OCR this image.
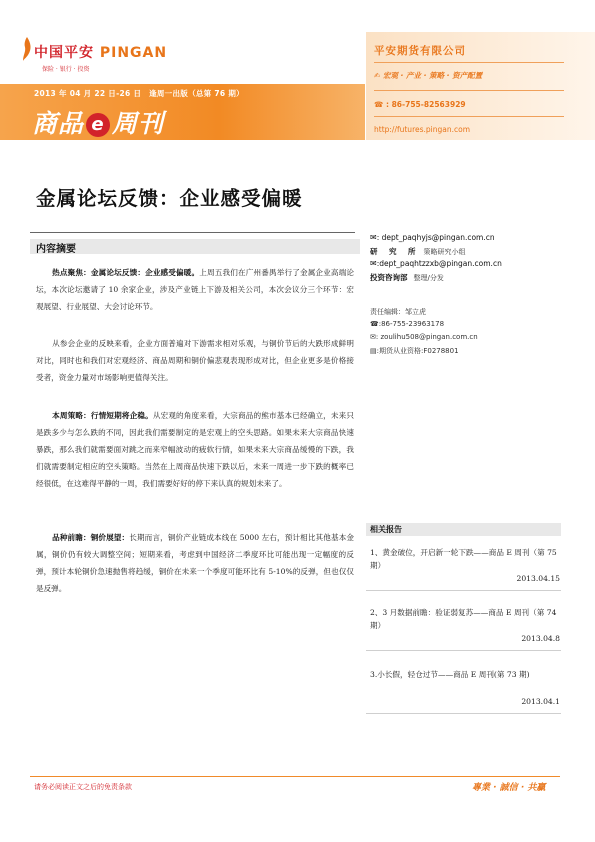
中国平安 PINGAN
保险 · 银行 · 投资
2013 年 04 月 22 日-26 日　逢周一出版（总第 76 期）
商品 e 周刊
平安期货有限公司
✍ 宏观 · 产业 · 策略 · 资产配置
☎ : 86-755-82563929
http://futures.pingan.com
金属论坛反馈：企业感受偏暖
内容摘要
热点聚焦：金属论坛反馈：企业感受偏暖。上周五我们在广州番禺举行了金属企业高端论坛，本次论坛邀请了 10 余家企业，涉及产业链上下游及相关公司，本次会议分三个环节：宏观展望、行业展望、大会讨论环节。
从参会企业的反映来看，企业方面普遍对下游需求相对乐观，与铜价节后的大跌形成鲜明对比，同时也和我们对宏观经济、商品周期和铜价偏悲观表现形成对比，但企业更多是价格接受者，资金力量对市场影响更值得关注。
本周策略：行情短期将企稳。从宏观的角度来看，大宗商品的熊市基本已经确立，未来只是跌多少与怎么跌的不同，因此我们需要制定的是宏观上的空头思路。如果未来大宗商品快速暴跌，那么我们就需要面对跳之而来窄幅波动的疲软行情，如果未来大宗商品缓慢的下跌，我们就需要制定相应的空头策略。当然在上周商品快速下跌以后，未来一周进一步下跌的概率已经很低，在这难得平静的一周，我们需要好好的停下来认真的规划未来了。
品种前瞻：铜价展望：长期而言，铜价产业链成本线在 5000 左右，预计相比其他基本金属，铜价仍有较大调整空间；短期来看，考虑到中国经济二季度环比可能出现一定幅度的反弹，预计本轮铜价急速抛售将趋缓，铜价在未来一个季度可能环比有 5-10%的反弹，但也仅仅是反弹。
✉: dept_paqhyjs@pingan.com.cn
研　究　所 策略研究小组
✉:dept_paqhtzzxb@pingan.com.cn
投资咨询部 整理/分发
责任编辑：邹立虎
☎:86-755-23963178
✉: zoulihu508@pingan.com.cn
▤:期货从业资格:F0278801
相关报告
1、黄金破位，开启新一轮下跌——商品 E 周刊（第 75 期）
2013.04.15
2、3 月数据前瞻：验证弱复苏——商品 E 周刊（第 74 期）
2013.04.8
3.小长假，轻仓过节——商品 E 周刊(第 73 期)
2013.04.1
请务必阅读正文之后的免责条款	專業 · 誠信 · 共贏
